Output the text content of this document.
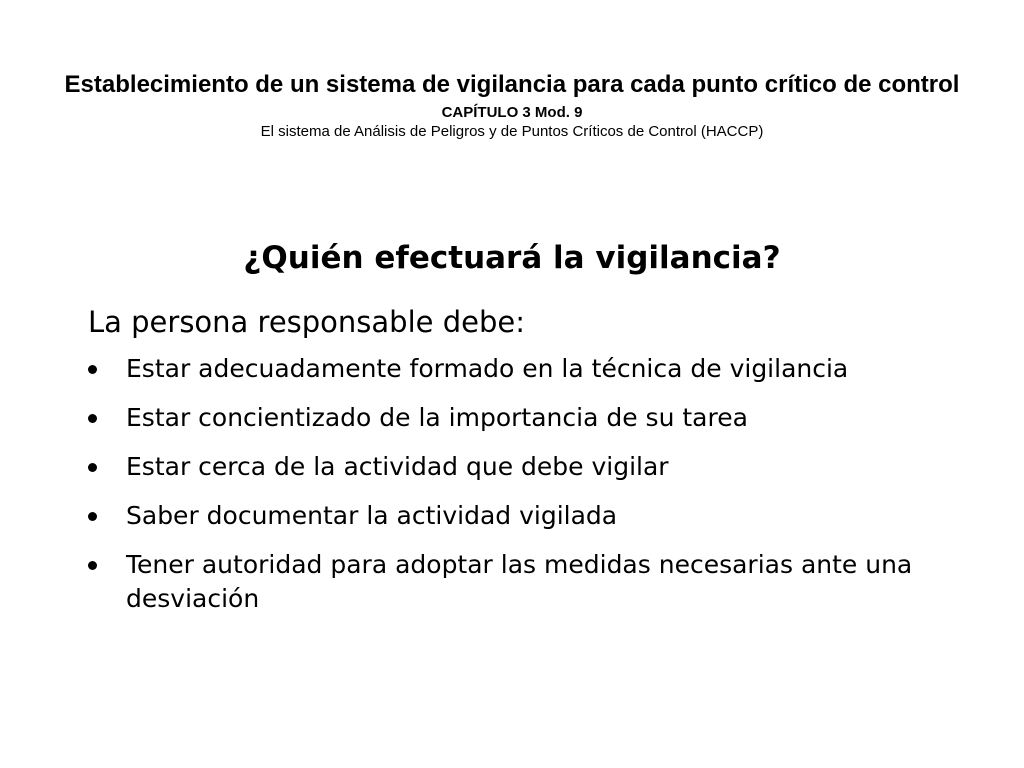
Establecimiento de un sistema de vigilancia para cada punto crítico de control

CAPÍTULO 3 Mod. 9

El sistema de Análisis de Peligros y de Puntos Críticos de Control (HACCP)

¿Quién efectuará la vigilancia?

La persona responsable debe:

Estar adecuadamente formado en la técnica de vigilancia
Estar concientizado de la importancia de su tarea
Estar cerca de la actividad que debe vigilar
Saber documentar la actividad vigilada
Tener autoridad para adoptar las medidas necesarias ante una desviación
